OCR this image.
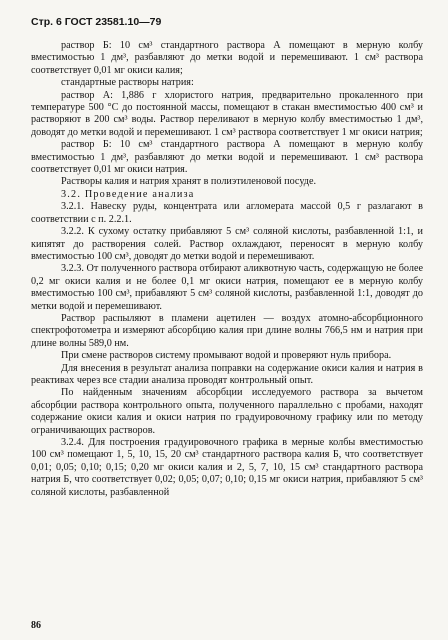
Стр. 6 ГОСТ 23581.10—79

раствор Б: 10 см³ стандартного раствора А помещают в мерную колбу вместимостью 1 дм³, разбавляют до метки водой и перемешивают. 1 см³ раствора соответствует 0,01 мг окиси калия;

стандартные растворы натрия:

раствор А: 1,886 г хлористого натрия, предварительно прокаленного при температуре 500 °С до постоянной массы, помещают в стакан вместимостью 400 см³ и растворяют в 200 см³ воды. Раствор переливают в мерную колбу вместимостью 1 дм³, доводят до метки водой и перемешивают. 1 см³ раствора соответствует 1 мг окиси натрия;

раствор Б: 10 см³ стандартного раствора А помещают в мерную колбу вместимостью 1 дм³, разбавляют до метки водой и перемешивают. 1 см³ раствора соответствует 0,01 мг окиси натрия.

Растворы калия и натрия хранят в полиэтиленовой посуде.

3.2. Проведение анализа

3.2.1. Навеску руды, концентрата или агломерата массой 0,5 г разлагают в соответствии с п. 2.2.1.

3.2.2. К сухому остатку прибавляют 5 см³ соляной кислоты, разбавленной 1:1, и кипятят до растворения солей. Раствор охлаждают, переносят в мерную колбу вместимостью 100 см³, доводят до метки водой и перемешивают.

3.2.3. От полученного раствора отбирают аликвотную часть, содержащую не более 0,2 мг окиси калия и не более 0,1 мг окиси натрия, помещают ее в мерную колбу вместимостью 100 см³, прибавляют 5 см³ соляной кислоты, разбавленной 1:1, доводят до метки водой и перемешивают.

Раствор распыляют в пламени ацетилен — воздух атомно-абсорбционного спектрофотометра и измеряют абсорбцию калия при длине волны 766,5 нм и натрия при длине волны 589,0 нм.

При смене растворов систему промывают водой и проверяют нуль прибора.

Для внесения в результат анализа поправки на содержание окиси калия и натрия в реактивах через все стадии анализа проводят контрольный опыт.

По найденным значениям абсорбции исследуемого раствора за вычетом абсорбции раствора контрольного опыта, полученного параллельно с пробами, находят содержание окиси калия и окиси натрия по градуировочному графику или по методу ограничивающих растворов.

3.2.4. Для построения градуировочного графика в мерные колбы вместимостью 100 см³ помещают 1, 5, 10, 15, 20 см³ стандартного раствора калия Б, что соответствует 0,01; 0,05; 0,10; 0,15; 0,20 мг окиси калия и 2, 5, 7, 10, 15 см³ стандартного раствора натрия Б, что соответствует 0,02; 0,05; 0,07; 0,10; 0,15 мг окиси натрия, прибавляют 5 см³ соляной кислоты, разбавленной

86
